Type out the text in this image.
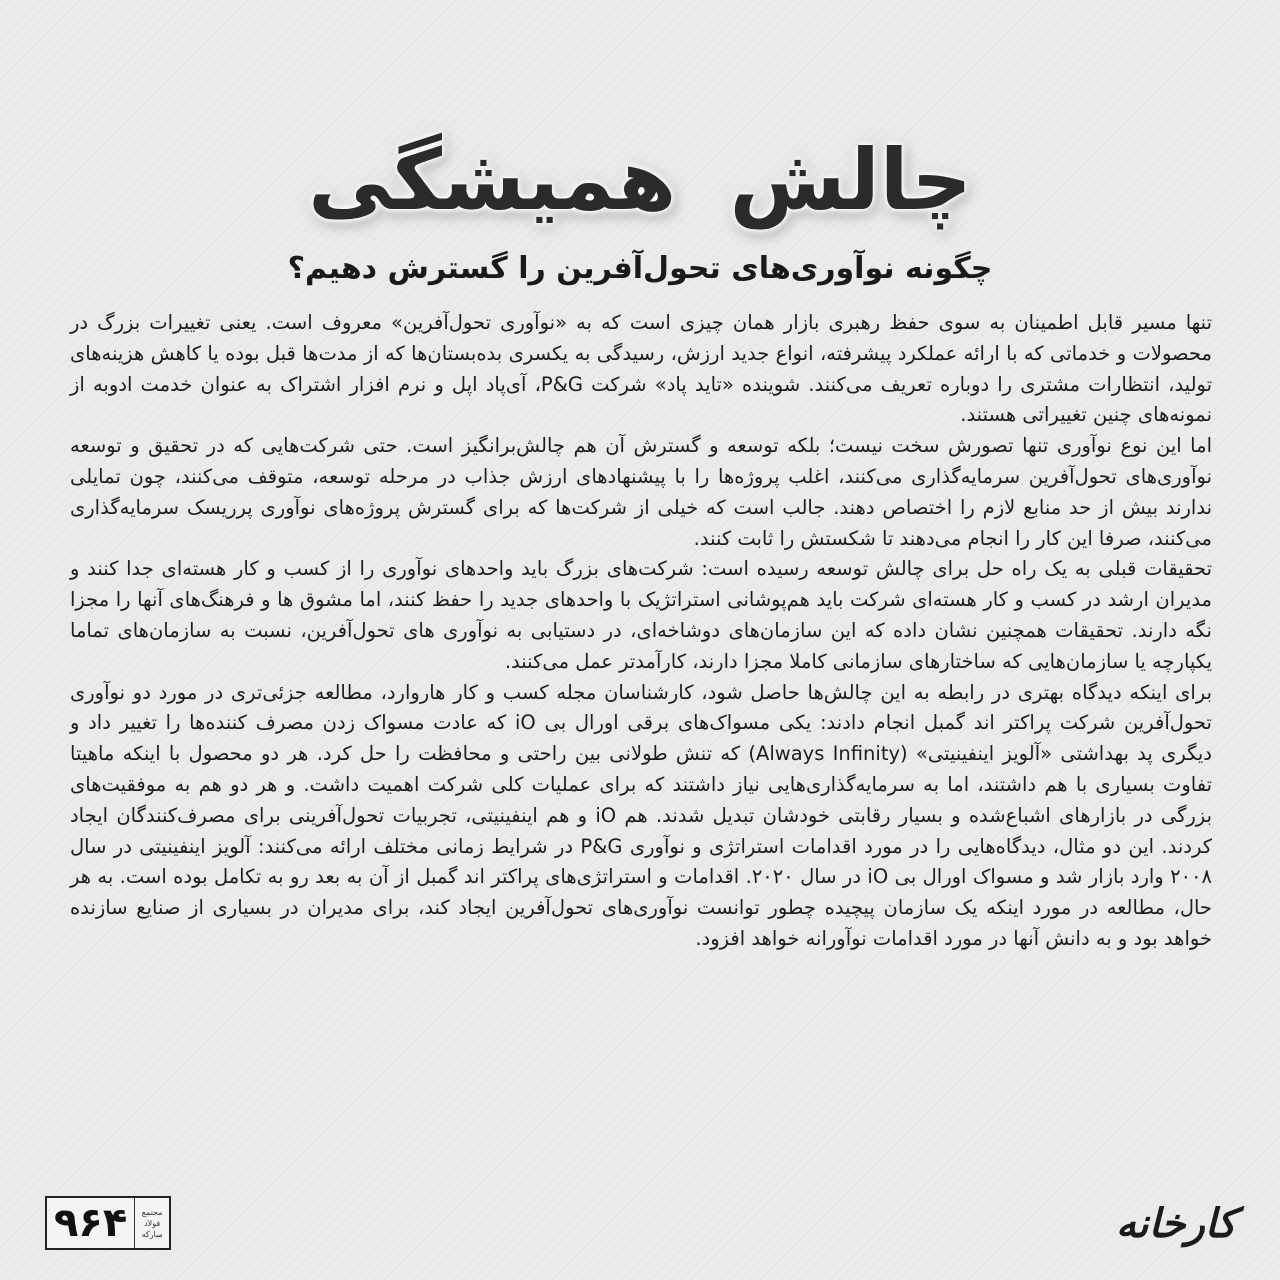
چالش همیشگی
چگونه نوآوری‌های تحول‌آفرین را گسترش دهیم؟

تنها مسیر قابل اطمینان به سوی حفظ رهبری بازار همان چیزی است که به «نوآوری تحول‌آفرین» معروف است. یعنی تغییرات بزرگ در محصولات و خدماتی که با ارائه عملکرد پیشرفته، انواع جدید ارزش، رسیدگی به یکسری بده‌بستان‌ها که از مدت‌ها قبل بوده یا کاهش هزینه‌های تولید، انتظارات مشتری را دوباره تعریف می‌کنند. شوینده «تاید پاد» شرکت P&G، آی‌پاد اپل و نرم افزار اشتراک به عنوان خدمت ادوبه از نمونه‌های چنین تغییراتی هستند.

اما این نوع نوآوری تنها تصورش سخت نیست؛ بلکه توسعه و گسترش آن هم چالش‌برانگیز است. حتی شرکت‌هایی که در تحقیق و توسعه نوآوری‌های تحول‌آفرین سرمایه‌گذاری می‌کنند، اغلب پروژه‌ها را با پیشنهادهای ارزش جذاب در مرحله توسعه، متوقف می‌کنند، چون تمایلی ندارند بیش از حد منابع لازم را اختصاص دهند. جالب است که خیلی از شرکت‌ها که برای گسترش پروژه‌های نوآوری پرریسک سرمایه‌گذاری می‌کنند، صرفا این کار را انجام می‌دهند تا شکستش را ثابت کنند.

تحقیقات قبلی به یک راه حل برای چالش توسعه رسیده است: شرکت‌های بزرگ باید واحدهای نوآوری را از کسب و کار هسته‌ای جدا کنند و مدیران ارشد در کسب و کار هسته‌ای شرکت باید هم‌پوشانی استراتژیک با واحدهای جدید را حفظ کنند، اما مشوق ها و فرهنگ‌های آنها را مجزا نگه دارند. تحقیقات همچنین نشان داده که این سازمان‌های دوشاخه‌ای، در دستیابی به نوآوری های تحول‌آفرین، نسبت به سازمان‌های تماما یکپارچه یا سازمان‌هایی که ساختارهای سازمانی کاملا مجزا دارند، کارآمدتر عمل می‌کنند.

برای اینکه دیدگاه بهتری در رابطه به این چالش‌ها حاصل شود، کارشناسان مجله کسب و کار هاروارد، مطالعه جزئی‌تری در مورد دو نوآوری تحول‌آفرین شرکت پراکتر اند گمبل انجام دادند: یکی مسواک‌های برقی اورال بی iO که عادت مسواک زدن مصرف کننده‌ها را تغییر داد و دیگری پد بهداشتی «آلویز اینفینیتی» (Always Infinity) که تنش طولانی بین راحتی و محافظت را حل کرد. هر دو محصول با اینکه ماهیتا تفاوت بسیاری با هم داشتند، اما به سرمایه‌گذاری‌هایی نیاز داشتند که برای عملیات کلی شرکت اهمیت داشت. و هر دو هم به موفقیت‌های بزرگی در بازارهای اشباع‌شده و بسیار رقابتی خودشان تبدیل شدند. هم iO و هم اینفینیتی، تجربیات تحول‌آفرینی برای مصرف‌کنندگان ایجاد کردند. این دو مثال، دیدگاه‌هایی را در مورد اقدامات استراتژی و نوآوری P&G در شرایط زمانی مختلف ارائه می‌کنند: آلویز اینفینیتی در سال ۲۰۰۸ وارد بازار شد و مسواک اورال بی iO در سال ۲۰۲۰. اقدامات و استراتژی‌های پراکتر اند گمبل از آن به بعد رو به تکامل بوده است. به هر حال، مطالعه در مورد اینکه یک سازمان پیچیده چطور توانست نوآوری‌های تحول‌آفرین ایجاد کند، برای مدیران در بسیاری از صنایع سازنده خواهد بود و به دانش آنها در مورد اقدامات نوآورانه خواهد افزود.

۹۶۴	مجتمع
فولاد
مبارکه	کارخانه
